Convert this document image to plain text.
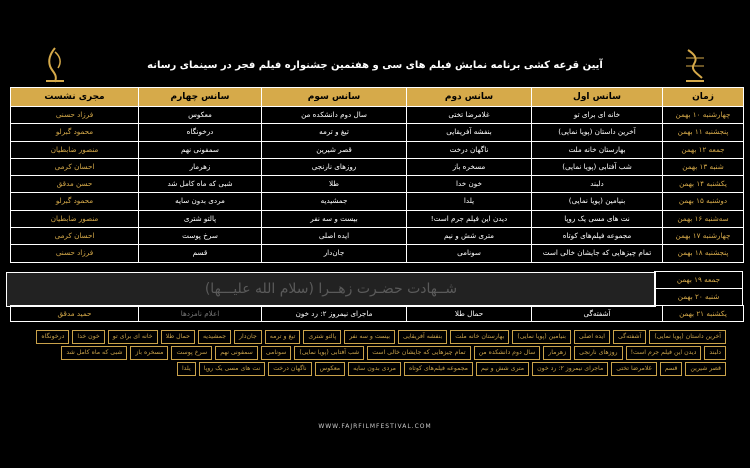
آیین قرعه کشی برنامه نمایش فیلم های سی و هفتمین جشنواره فیلم فجر در سینمای رسانه
زمان
سانس اول
سانس دوم
سانس سوم
سانس چهارم
مجری نشست
چهارشنبه ۱۰ بهمن
خانه ای برای تو
غلامرضا تختی
سال دوم دانشکده من
معکوس
فرزاد حسنی
پنجشنبه ۱۱ بهمن
آخرین داستان (پویا نمایی)
بنفشه آفریقایی
تیغ و ترمه
درخونگاه
محمود گبرلو
جمعه ۱۲ بهمن
بهارستان خانه ملت
ناگهان درخت
قصر شیرین
سمفونی نهم
منصور ضابطیان
شنبه ۱۳ بهمن
شب آفتابی (پویا نمایی)
مسخره باز
روزهای نارنجی
زهرمار
احسان کرمی
یکشنبه ۱۴ بهمن
دلبند
خون خدا
طلا
شبی که ماه کامل شد
حسن مدقق
دوشنبه ۱۵ بهمن
بنیامین (پویا نمایی)
یلدا
جمشیدیه
مردی بدون سایه
محمود گبرلو
سه‌شنبه ۱۶ بهمن
نت های مسی یک روپا
دیدن این فیلم جرم است!
بیست و سه نفر
پالتو شتری
منصور ضابطیان
چهارشنبه ۱۷ بهمن
مجموعه فیلم‌های کوتاه
متری شش و نیم
ایده اصلی
سرخ پوست
احسان کرمی
پنجشنبه ۱۸ بهمن
تمام چیزهایی که جایشان خالی است
سونامی
جان‌دار
قسم
فرزاد حسنی
شــهادت حضـرت زهــرا (سلام الله علیـــها)
جمعه ۱۹ بهمن
شنبه ۲۰ بهمن
یکشنبه ۲۱ بهمن
آشفته‌گی
حمال طلا
ماجرای نیمروز ۲: رد خون
اعلام نامزدها
حمید مدقق
آخرین داستان (پویا نمایی)
آشفته‌گی
ایده اصلی
بنیامین (پویا نمایی)
بهارستان خانه ملت
بنفشه آفریقایی
بیست و سه نفر
پالتو شتری
تیغ و ترمه
جان‌دار
جمشیدیه
حمال طلا
خانه ای برای تو
خون خدا
درخونگاه
دلبند
دیدن این فیلم جرم است!
روزهای نارنجی
زهرمار
سال دوم دانشکده من
تمام چیزهایی که جایشان خالی است
شب آفتابی (پویا نمایی)
سونامی
سمفونی نهم
سرخ پوست
مسخره باز
شبی که ماه کامل شد
قصر شیرین
قسم
غلامرضا تختی
ماجرای نیمروز ۲: رد خون
متری شش و نیم
مجموعه فیلم‌های کوتاه
مردی بدون سایه
معکوس
ناگهان درخت
نت های مسی یک روپا
یلدا
WWW.FAJRFILMFESTIVAL.COM
